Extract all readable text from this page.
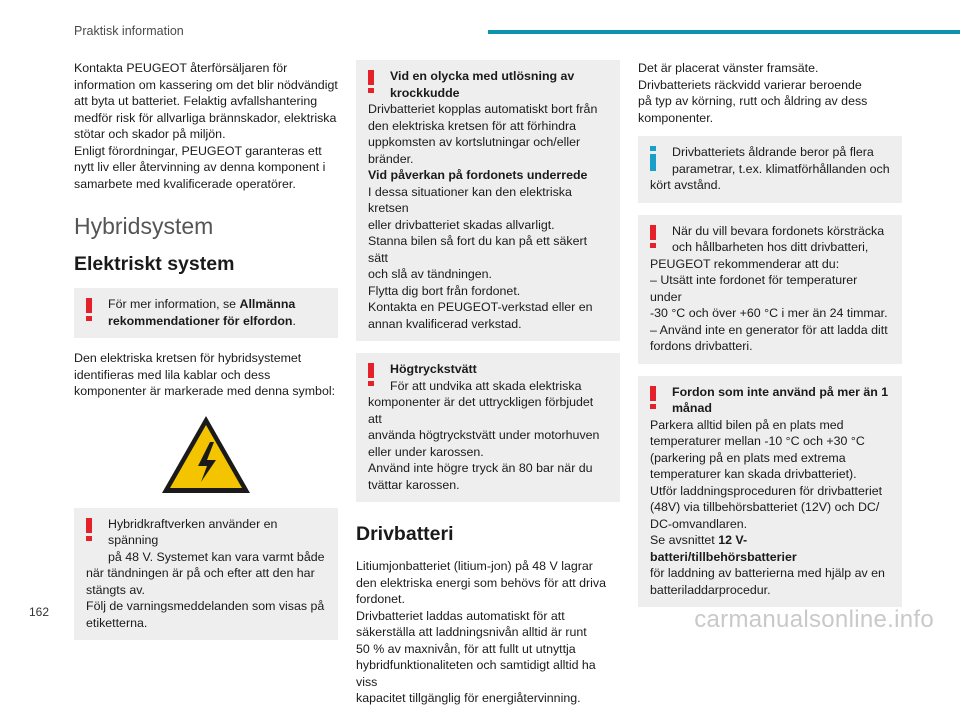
Praktisk information

Kontakta PEUGEOT återförsäljaren för

information om kassering om det blir nödvändigt

att byta ut batteriet. Felaktig avfallshantering

medför risk för allvarliga brännskador, elektriska

stötar och skador på miljön.

Enligt förordningar, PEUGEOT garanteras ett

nytt liv eller återvinning av denna komponent i

samarbete med kvalificerade operatörer.

Hybridsystem
Elektriskt system

För mer information, se Allmänna

rekommendationer för elfordon.

Den elektriska kretsen för hybridsystemet

identifieras med lila kablar och dess

komponenter är markerade med denna symbol:

Hybridkraftverken använder en spänning

på 48 V. Systemet kan vara varmt både

när tändningen är på och efter att den har

stängts av.

Följ de varningsmeddelanden som visas på

etiketterna.

Vid en olycka med utlösning av

krockkudde

Drivbatteriet kopplas automatiskt bort från

den elektriska kretsen för att förhindra

uppkomsten av kortslutningar och/eller

bränder.

Vid påverkan på fordonets underrede

I dessa situationer kan den elektriska kretsen

eller drivbatteriet skadas allvarligt.

Stanna bilen så fort du kan på ett säkert sätt

och slå av tändningen.

Flytta dig bort från fordonet.

Kontakta en PEUGEOT-verkstad eller en

annan kvalificerad verkstad.

Högtryckstvätt

För att undvika att skada elektriska

komponenter är det uttryckligen förbjudet att

använda högtryckstvätt under motorhuven

eller under karossen.

Använd inte högre tryck än 80 bar när du

tvättar karossen.

Drivbatteri

Litiumjonbatteriet (litium-jon) på 48 V lagrar

den elektriska energi som behövs för att driva

fordonet.

Drivbatteriet laddas automatiskt för att

säkerställa att laddningsnivån alltid är runt

50 % av maxnivån, för att fullt ut utnyttja

hybridfunktionaliteten och samtidigt alltid ha viss

kapacitet tillgänglig för energiåtervinning.

Det är placerat vänster framsäte.

Drivbatteriets räckvidd varierar beroende

på typ av körning, rutt och åldring av dess

komponenter.

Drivbatteriets åldrande beror på flera

parametrar, t.ex. klimatförhållanden och

kört avstånd.

När du vill bevara fordonets körsträcka

och hållbarheten hos ditt drivbatteri,

PEUGEOT rekommenderar att du:

– Utsätt inte fordonet för temperaturer under

-30 °C och över +60 °C i mer än 24 timmar.

– Använd inte en generator för att ladda ditt

fordons drivbatteri.

Fordon som inte använd på mer än 1

månad

Parkera alltid bilen på en plats med

temperaturer mellan -10 °C och +30 °C

(parkering på en plats med extrema

temperaturer kan skada drivbatteriet).

Utför laddningsproceduren för drivbatteriet

(48V) via tillbehörsbatteriet (12V) och DC/

DC-omvandlaren.

Se avsnittet 12 V-batteri/tillbehörsbatterier

för laddning av batterierna med hjälp av en

batteriladdarprocedur.

162	carmanualsonline.info
